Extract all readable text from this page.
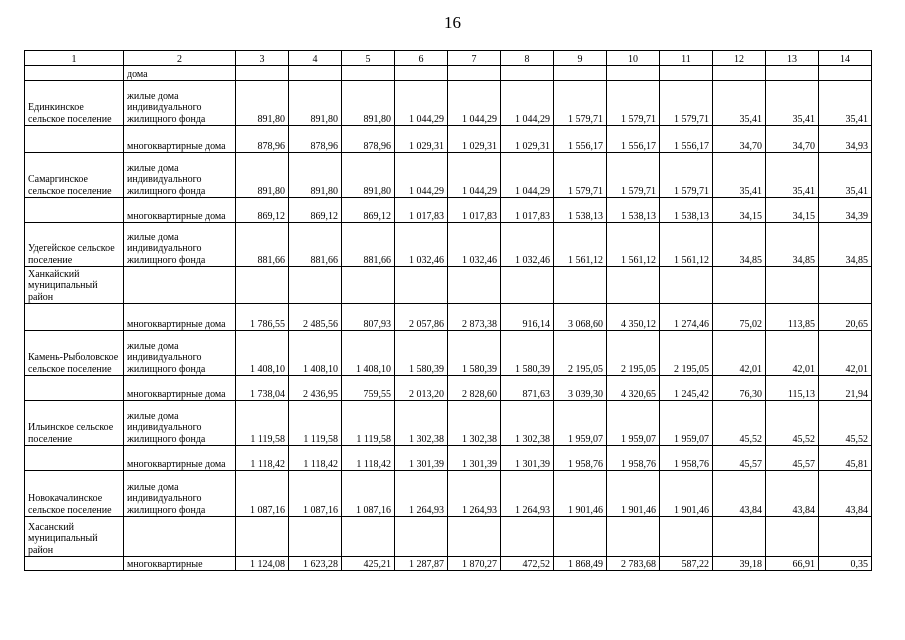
16
1	2	3	4	5	6	7	8	9	10	11	12	13	14
	дома												
Единкинское сельское поселение	жилые дома индивидуального жилищного фонда	891,80	891,80	891,80	1 044,29	1 044,29	1 044,29	1 579,71	1 579,71	1 579,71	35,41	35,41	35,41
	многоквартирные дома	878,96	878,96	878,96	1 029,31	1 029,31	1 029,31	1 556,17	1 556,17	1 556,17	34,70	34,70	34,93
Самаргинское сельское поселение	жилые дома индивидуального жилищного фонда	891,80	891,80	891,80	1 044,29	1 044,29	1 044,29	1 579,71	1 579,71	1 579,71	35,41	35,41	35,41
	многоквартирные дома	869,12	869,12	869,12	1 017,83	1 017,83	1 017,83	1 538,13	1 538,13	1 538,13	34,15	34,15	34,39
Удегейское сельское поселение	жилые дома индивидуального жилищного фонда	881,66	881,66	881,66	1 032,46	1 032,46	1 032,46	1 561,12	1 561,12	1 561,12	34,85	34,85	34,85
Ханкайский муниципальный район													
	многоквартирные дома	1 786,55	2 485,56	807,93	2 057,86	2 873,38	916,14	3 068,60	4 350,12	1 274,46	75,02	113,85	20,65
Камень-Рыболовское сельское поселение	жилые дома индивидуального жилищного фонда	1 408,10	1 408,10	1 408,10	1 580,39	1 580,39	1 580,39	2 195,05	2 195,05	2 195,05	42,01	42,01	42,01
	многоквартирные дома	1 738,04	2 436,95	759,55	2 013,20	2 828,60	871,63	3 039,30	4 320,65	1 245,42	76,30	115,13	21,94
Ильинское сельское поселение	жилые дома индивидуального жилищного фонда	1 119,58	1 119,58	1 119,58	1 302,38	1 302,38	1 302,38	1 959,07	1 959,07	1 959,07	45,52	45,52	45,52
	многоквартирные дома	1 118,42	1 118,42	1 118,42	1 301,39	1 301,39	1 301,39	1 958,76	1 958,76	1 958,76	45,57	45,57	45,81
Новокачалинское сельское поселение	жилые дома индивидуального жилищного фонда	1 087,16	1 087,16	1 087,16	1 264,93	1 264,93	1 264,93	1 901,46	1 901,46	1 901,46	43,84	43,84	43,84
Хасанский муниципальный район													
	многоквартирные	1 124,08	1 623,28	425,21	1 287,87	1 870,27	472,52	1 868,49	2 783,68	587,22	39,18	66,91	0,35
